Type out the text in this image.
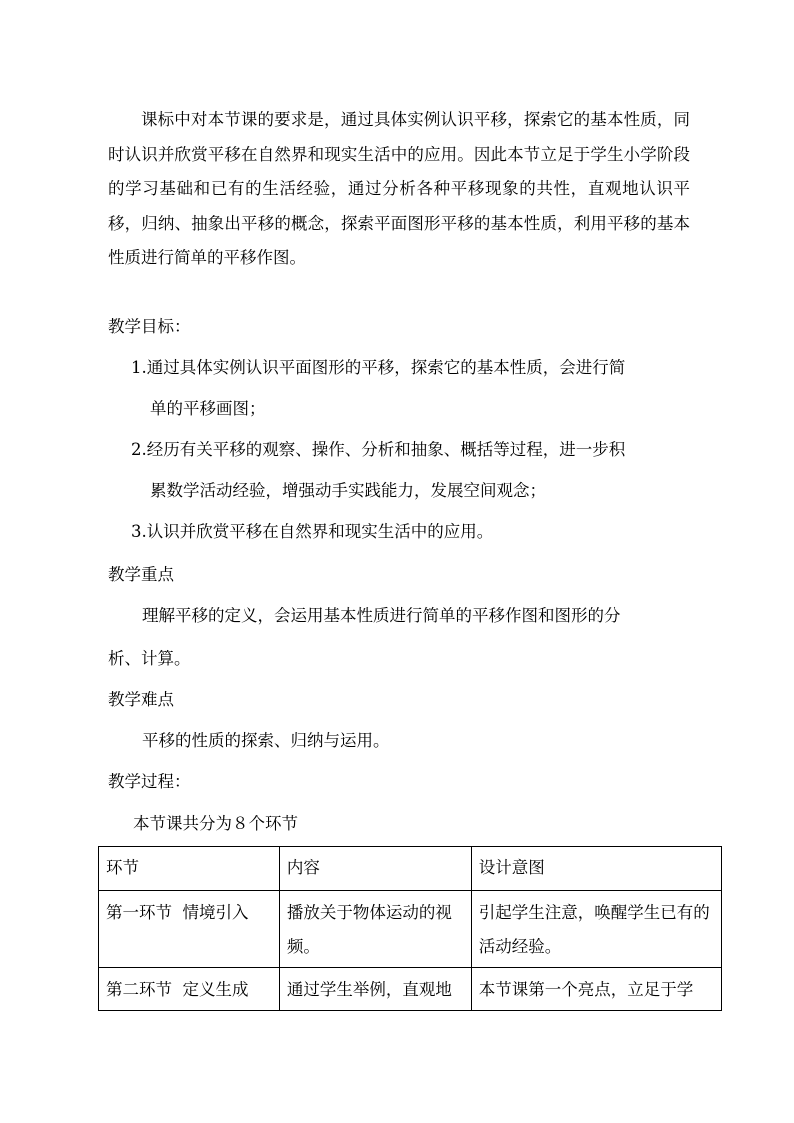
课标中对本节课的要求是，通过具体实例认识平移，探索它的基本性质，同时认识并欣赏平移在自然界和现实生活中的应用。因此本节立足于学生小学阶段的学习基础和已有的生活经验，通过分析各种平移现象的共性，直观地认识平移，归纳、抽象出平移的概念，探索平面图形平移的基本性质，利用平移的基本性质进行简单的平移作图。
教学目标：
1.通过具体实例认识平面图形的平移，探索它的基本性质，会进行简
单的平移画图；
2.经历有关平移的观察、操作、分析和抽象、概括等过程，进一步积
累数学活动经验，增强动手实践能力，发展空间观念；
3.认识并欣赏平移在自然界和现实生活中的应用。
教学重点
理解平移的定义，会运用基本性质进行简单的平移作图和图形的分
析、计算。
教学难点
平移的性质的探索、归纳与运用。
教学过程：
本节课共分为８个环节
环节	内容	设计意图
第一环节  情境引入	播放关于物体运动的视频。	引起学生注意，唤醒学生已有的活动经验。
第二环节  定义生成	通过学生举例，直观地	本节课第一个亮点，立足于学
